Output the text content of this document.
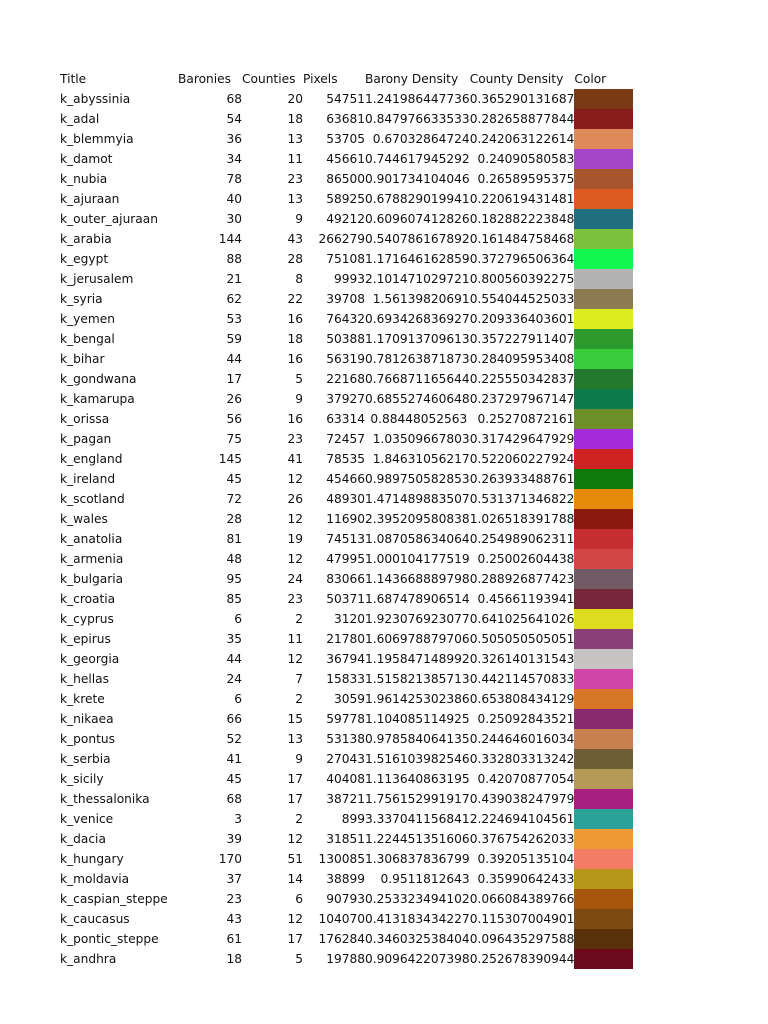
Title	Baronies	Counties	Pixels	Barony Density	County Density	Color
k_abyssinia	68	20	54751	1.241986447736	0.365290131687	

k_adal	54	18	63681	0.847976633533	0.282658877844	

k_blemmyia	36	13	53705	0.67032864724	0.242063122614	

k_damot	34	11	45661	0.744617945292	0.24090580583	

k_nubia	78	23	86500	0.901734104046	0.26589595375	

k_ajuraan	40	13	58925	0.678829019941	0.220619431481	

k_outer_ajuraan	30	9	49212	0.609607412826	0.182882223848	

k_arabia	144	43	266279	0.540786167892	0.161484758468	

k_egypt	88	28	75108	1.171646162859	0.372796506364	

k_jerusalem	21	8	9993	2.101471029721	0.800560392275	

k_syria	62	22	39708	1.56139820691	0.554044525033	

k_yemen	53	16	76432	0.693426836927	0.209336403601	

k_bengal	59	18	50388	1.170913709613	0.357227911407	

k_bihar	44	16	56319	0.781263871873	0.284095953408	

k_gondwana	17	5	22168	0.766871165644	0.225550342837	

k_kamarupa	26	9	37927	0.685527460648	0.237297967147	

k_orissa	56	16	63314	0.88448052563 	0.25270872161	

k_pagan	75	23	72457	1.03509667803	0.317429647929	

k_england	145	41	78535	1.84631056217	0.522060227924	

k_ireland	45	12	45466	0.989750582853	0.263933488761	

k_scotland	72	26	48930	1.471489883507	0.531371346822	

k_wales	28	12	11690	2.395209580838	1.026518391788	

k_anatolia	81	19	74513	1.087058634064	0.254989062311	

k_armenia	48	12	47995	1.000104177519	0.25002604438	

k_bulgaria	95	24	83066	1.143668889798	0.288926877423	

k_croatia	85	23	50371	1.687478906514	0.45661193941	

k_cyprus	6	2	3120	1.923076923077	0.641025641026	

k_epirus	35	11	21780	1.606978879706	0.505050505051	

k_georgia	44	12	36794	1.195847148992	0.326140131543	

k_hellas	24	7	15833	1.515821385713	0.442114570833	

k_krete	6	2	3059	1.961425302386	0.653808434129	

k_nikaea	66	15	59778	1.104085114925	0.25092843521	

k_pontus	52	13	53138	0.978584064135	0.244646016034	

k_serbia	41	9	27043	1.516103982546	0.332803313242	

k_sicily	45	17	40408	1.113640863195	0.42070877054	

k_thessalonika	68	17	38721	1.756152991917	0.439038247979	

k_venice	3	2	899	3.337041156841	2.224694104561	

k_dacia	39	12	31851	1.224451351606	0.376754262033	

k_hungary	170	51	130085	1.306837836799	0.39205135104	

k_moldavia	37	14	38899	0.9511812643	0.35990642433	

k_caspian_steppe	23	6	90793	0.253323494102	0.066084389766	

k_caucasus	43	12	104070	0.413183434227	0.115307004901	

k_pontic_steppe	61	17	176284	0.346032538404	0.096435297588	

k_andhra	18	5	19788	0.909642207398	0.252678390944	
